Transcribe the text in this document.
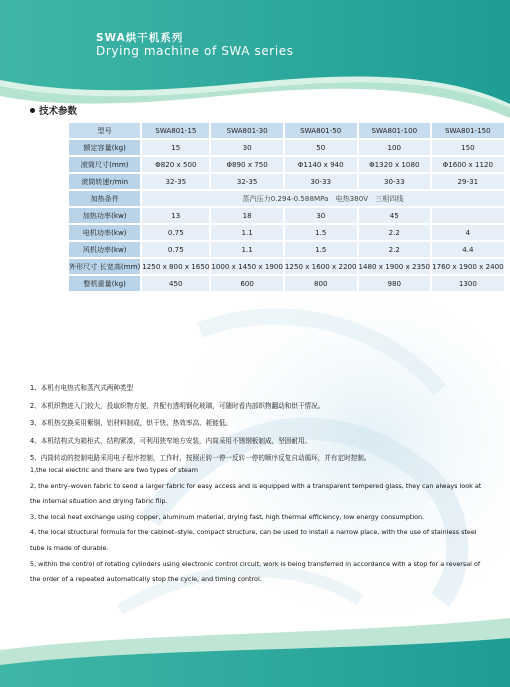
SWA烘干机系列
Drying machine of SWA series
技术参数
型号	SWA801-15	SWA801-30	SWA801-50	SWA801-100	SWA801-150
额定容量(kg)	15	30	50	100	150
滚筒尺寸(mm)	Φ820 x 500	Φ890 x 750	Φ1140 x 940	Φ1320 x 1080	Φ1600 x 1120
滚筒转速r/min	32-35	32-35	30-33	30-33	29-31
加热条件	蒸汽压力0.294-0.588MPa　电热380V　三相四线				
加热功率(kw)	13	18	30	45	
电机功率(kw)	0.75	1.1	1.5	2.2	4
风机功率(kw)	0.75	1.1	1.5	2.2	4.4
外形尺寸 长宽高(mm)	1250 x 800 x 1650	1000 x 1450 x 1900	1250 x 1600 x 2200	1480 x 1900 x 2350	1760 x 1900 x 2400
整机重量(kg)	450	600	800	980	1300
1、本机有电热式和蒸汽式两种类型
2、本机织物进入门较大，投取织物方便，并配有透明钢化玻璃，可随时看内部织物翻动和烘干情况。
3、本机热交换采用紫铜、铝材料制成，烘干快、热效率高、耗能低。
4、本机结构式为箱柜式，结构紧凑，可利用狭窄地方安装，内筒采用不锈钢板制成，坚固耐用。
5、内筒转动的控制电路采用电子程序控制，工作时，按照正转一停一反转一停的顺序反复自动循环，并有定时控制。

1,the local electric and there are two types of steam

2, the entry–woven fabric to send a larger fabric for easy access and is equipped with a transparent tempered glass, they can always look at the internal situation and drying fabric flip.

3, the local heat exchange using copper, aluminum material, drying fast, high thermal efficiency, low energy consumption.

4, the local structural formula for the cabinet–style, compact structure, can be used to install a narrow place, with the use of stainless steel tube is made of durable.

5, within the control of rotating cylinders using electronic control circuit, work is being transferred in accordance with a stop for a reversal of the order of a repeated automatically stop the cycle, and timing control.
